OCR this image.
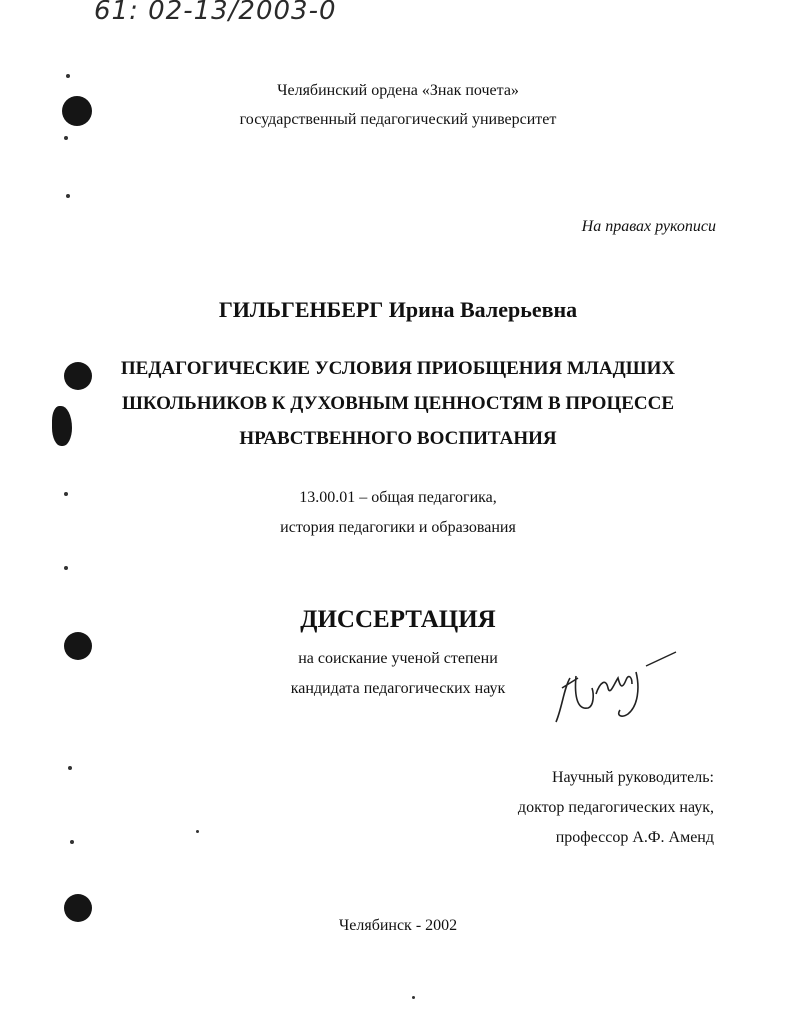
61: 02-13/2003-0
Челябинский ордена «Знак почета»
государственный педагогический университет
На правах рукописи
ГИЛЬГЕНБЕРГ Ирина Валерьевна
ПЕДАГОГИЧЕСКИЕ УСЛОВИЯ ПРИОБЩЕНИЯ МЛАДШИХ
ШКОЛЬНИКОВ К ДУХОВНЫМ ЦЕННОСТЯМ В ПРОЦЕССЕ
НРАВСТВЕННОГО ВОСПИТАНИЯ
13.00.01 – общая педагогика,
история педагогики и образования
ДИССЕРТАЦИЯ
на соискание ученой степени
кандидата педагогических наук
Научный руководитель:
доктор педагогических наук,
профессор А.Ф. Аменд
Челябинск - 2002
